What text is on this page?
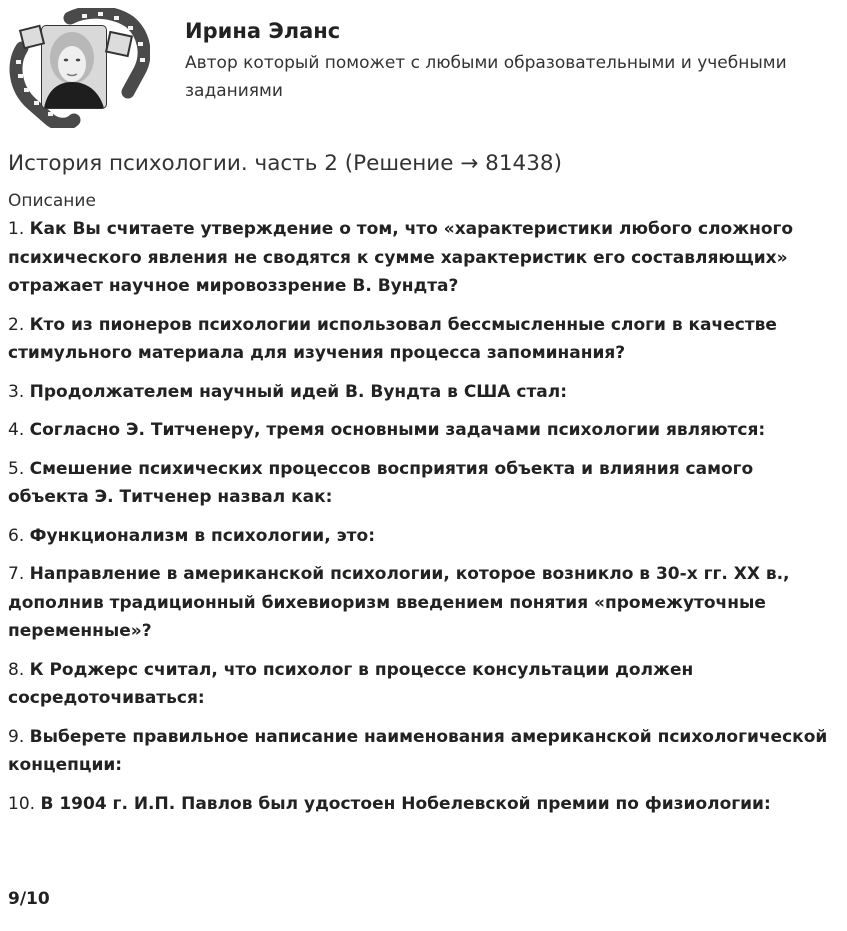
Ирина Эланс
Автор который поможет с любыми образовательными и учебными заданиями
История психологии. часть 2 (Решение → 81438)
Описание
1. Как Вы считаете утверждение о том, что «характеристики любого сложного психического явления не сводятся к сумме характеристик его составляющих» отражает научное мировоззрение В. Вундта?
2. Кто из пионеров психологии использовал бессмысленные слоги в качестве стимульного материала для изучения процесса запоминания?
3. Продолжателем научный идей В. Вундта в США стал:
4. Согласно Э. Титченеру, тремя основными задачами психологии являются:
5. Смешение психических процессов восприятия объекта и влияния самого объекта Э. Титченер назвал как:
6. Функционализм в психологии, это:
7. Направление в американской психологии, которое возникло в 30-х гг. XX в., дополнив традиционный бихевиоризм введением понятия «промежуточные переменные»?
8. К Роджерс считал, что психолог в процессе консультации должен сосредоточиваться:
9. Выберете правильное написание наименования американской психологической концепции:
10. В 1904 г. И.П. Павлов был удостоен Нобелевской премии по физиологии:
9/10
